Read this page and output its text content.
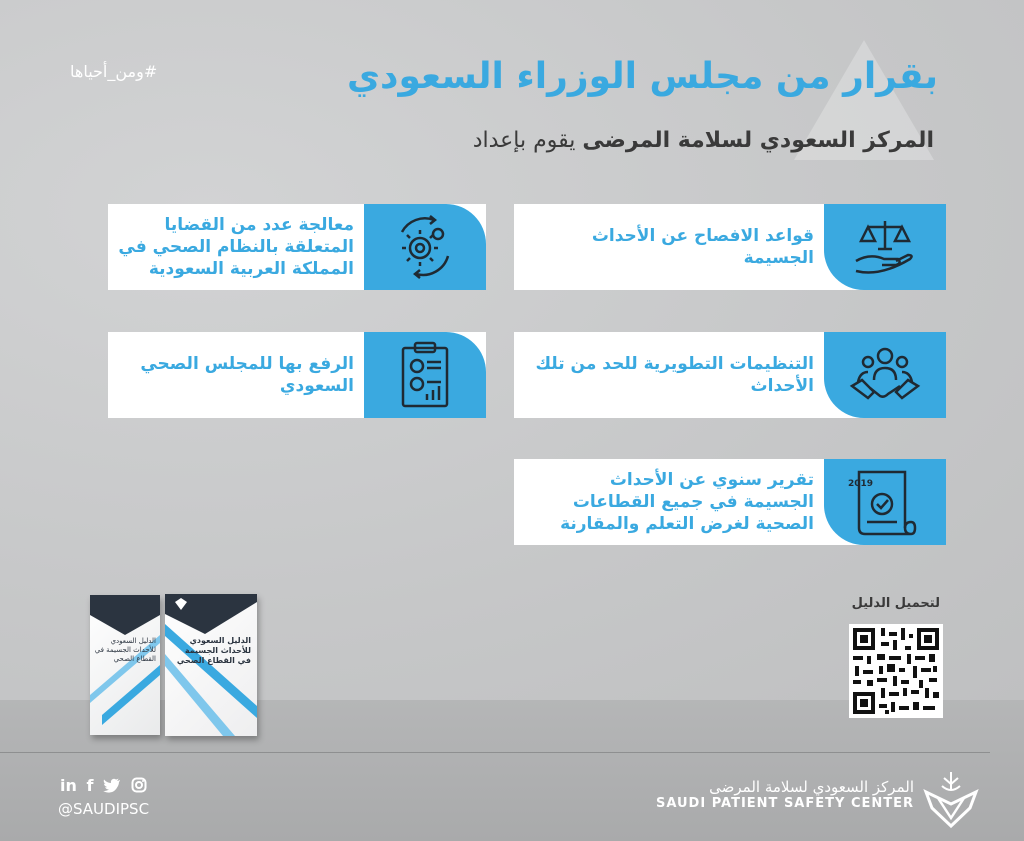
#ومن_أحياها	بقرار من مجلس الوزراء السعودي
المركز السعودي لسلامة المرضى يقوم بإعداد
قواعد الافصاح عن الأحداث الجسيمة
معالجة عدد من القضايا المتعلقة بالنظام الصحي في المملكة العربية السعودية
التنظيمات التطويرية للحد من تلك الأحداث
الرفع بها للمجلس الصحي السعودي
2019
تقرير سنوي عن الأحداث الجسيمة في جميع القطاعات الصحية لغرض التعلم والمقارنة
الدليل السعودي للأحداث الجسيمة في القطاع الصحي
الدليل السعودي للأحداث الجسيمة في القطاع الصحي
لتحميل الدليل
in f
@SAUDIPSC
المركز السعودي لسلامة المرضى
SAUDI PATIENT SAFETY CENTER
